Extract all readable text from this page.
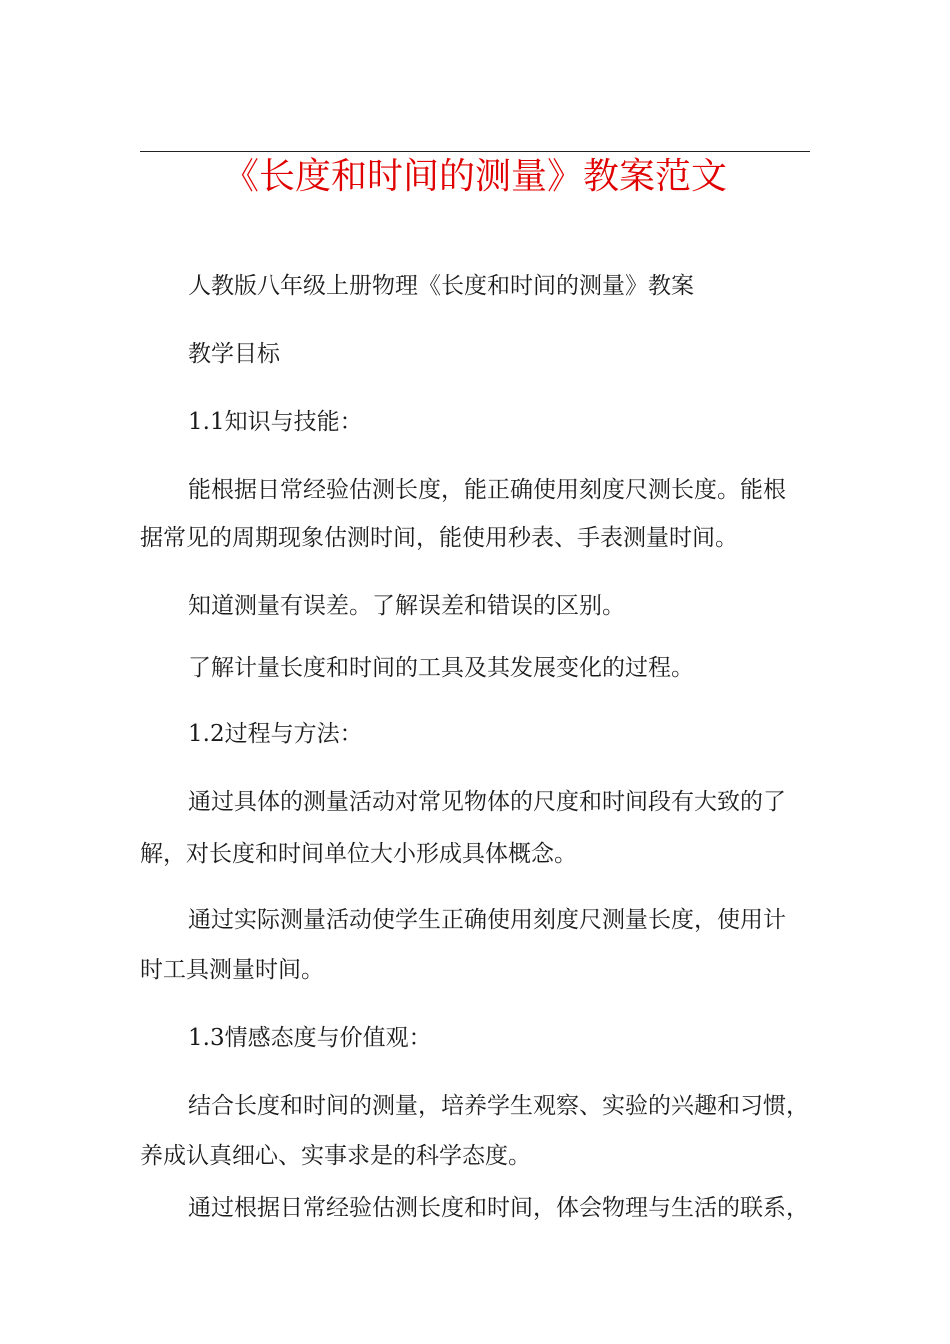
《长度和时间的测量》教案范文
人教版八年级上册物理《长度和时间的测量》教案
教学目标
1.1知识与技能：
能根据日常经验估测长度，能正确使用刻度尺测长度。能根
据常见的周期现象估测时间，能使用秒表、手表测量时间。
知道测量有误差。了解误差和错误的区别。
了解计量长度和时间的工具及其发展变化的过程。
1.2过程与方法：
通过具体的测量活动对常见物体的尺度和时间段有大致的了
解，对长度和时间单位大小形成具体概念。
通过实际测量活动使学生正确使用刻度尺测量长度，使用计
时工具测量时间。
1.3情感态度与价值观：
结合长度和时间的测量，培养学生观察、实验的兴趣和习惯，
养成认真细心、实事求是的科学态度。
通过根据日常经验估测长度和时间，体会物理与生活的联系，
